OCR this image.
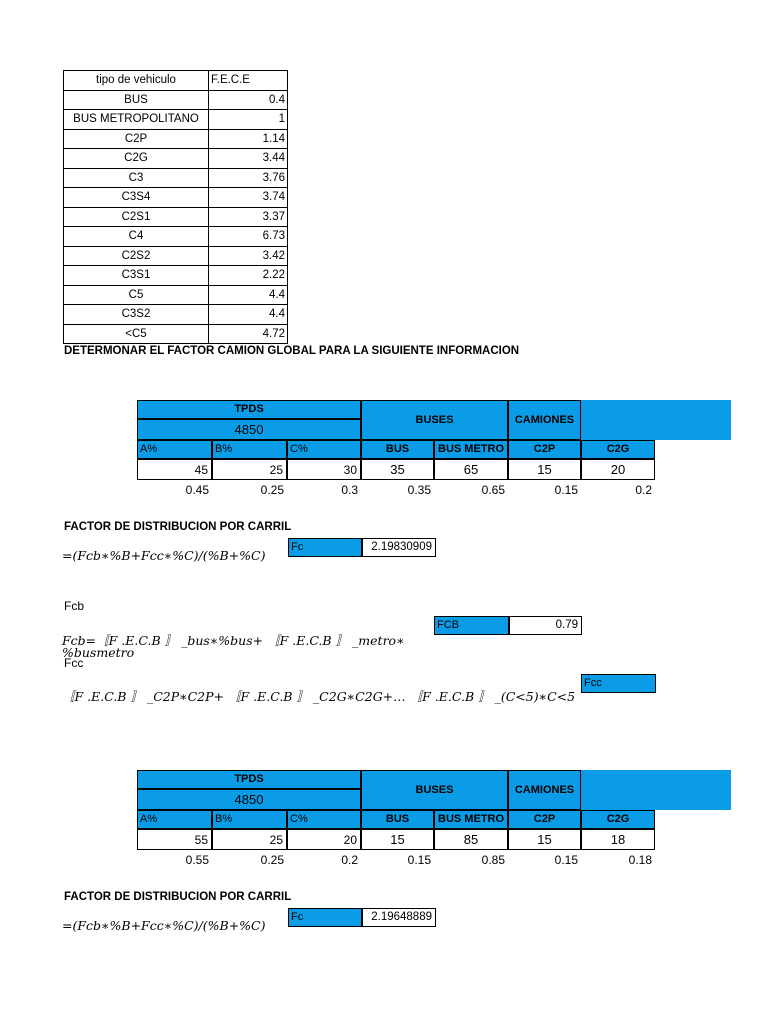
tipo de vehiculo	F.E.C.E
BUS	0.4
BUS METROPOLITANO	1
C2P	1.14
C2G	3.44
C3	3.76
C3S4	3.74
C2S1	3.37
C4	6.73
C2S2	3.42
C3S1	2.22
C5	4.4
C3S2	4.4
<C5	4.72
DETERMONAR EL FACTOR CAMION GLOBAL PARA LA SIGUIENTE INFORMACION
TPDS
4850
BUSES	CAMIONES
A%	B%	C%	BUS	BUS METRO	C2P	C2G
45	25	30	35	65	15	20
0.45	0.25	0.3	0.35	0.65	0.15	0.2
FACTOR DE DISTRIBUCION POR CARRIL
=(Fcb∗%B+Fcc∗%C)/(%B+%C)
Fc	2.19830909
Fcb
Fcb=〚F .E.C.B 〛 _bus∗%bus+ 〚F .E.C.B 〛 _metro∗
%busmetro
FCB	0.79
Fcc
〚F .E.C.B 〛 _C2P∗C2P+ 〚F .E.C.B 〛 _C2G∗C2G+… 〚F .E.C.B 〛 _(C<5)∗C<5
Fcc
TPDS
4850
BUSES	CAMIONES
A%	B%	C%	BUS	BUS METRO	C2P	C2G
55	25	20	15	85	15	18
0.55	0.25	0.2	0.15	0.85	0.15	0.18
FACTOR DE DISTRIBUCION POR CARRIL
=(Fcb∗%B+Fcc∗%C)/(%B+%C)
Fc	2.19648889
